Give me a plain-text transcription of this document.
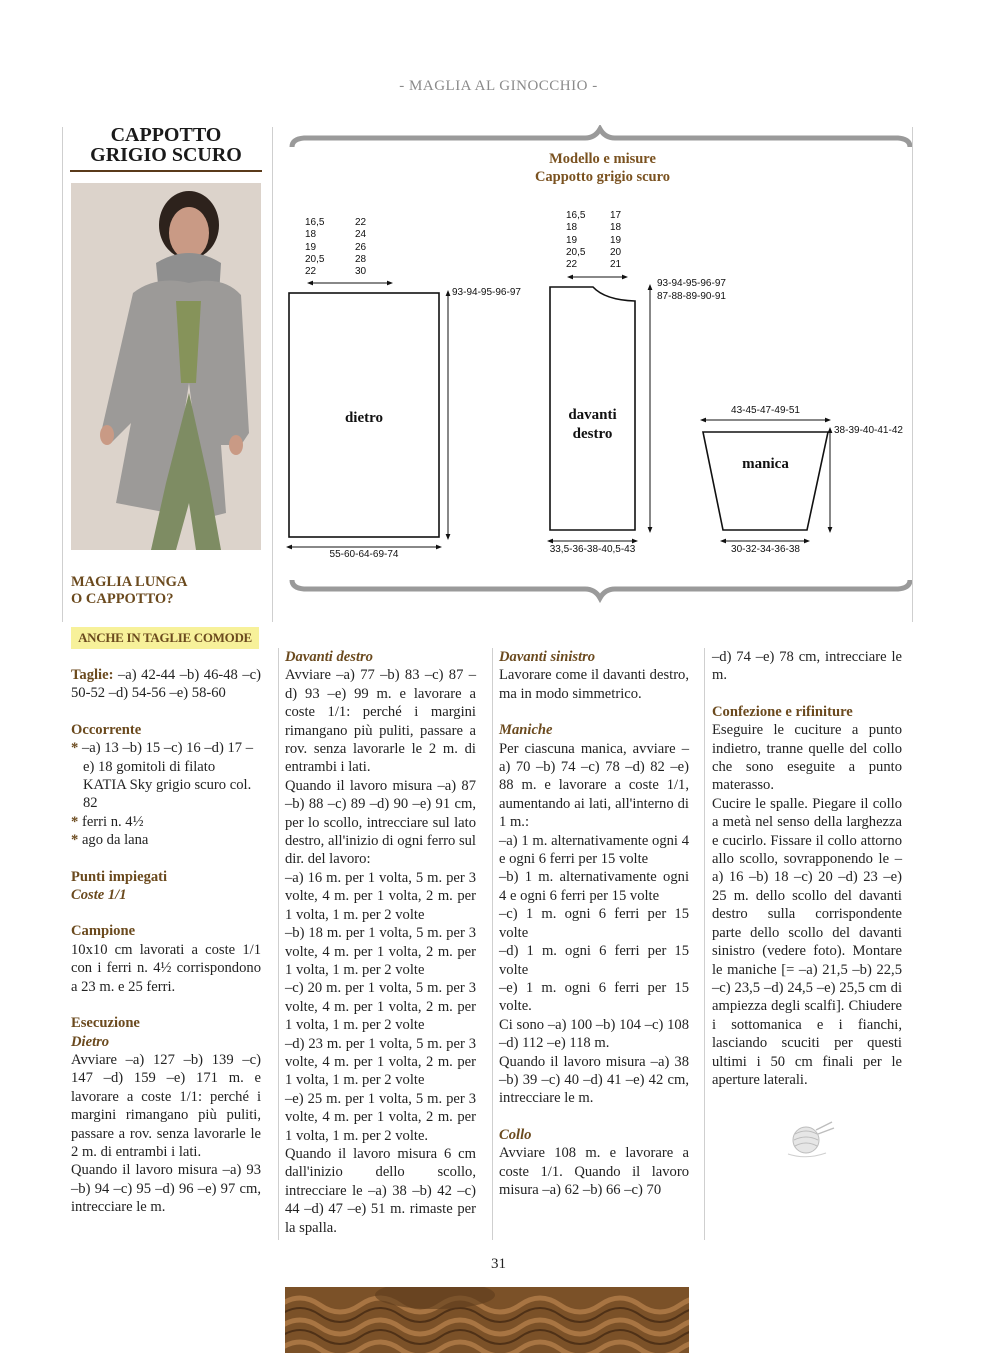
- MAGLIA AL GINOCCHIO -
CAPPOTTO
GRIGIO SCURO
MAGLIA LUNGA
O CAPPOTTO?
ANCHE IN TAGLIE COMODE
Modello e misure
Cappotto grigio scuro
16,5
18
19
20,5
22
22
24
26
28
30
93-94-95-96-97
dietro
55-60-64-69-74
16,5
18
19
20,5
22
17
18
19
20
21
93-94-95-96-97
87-88-89-90-91
davanti
destro
33,5-36-38-40,5-43
43-45-47-49-51
38-39-40-41-42
manica
30-32-34-36-38

Taglie: –a) 42-44 –b) 46-48 –c) 50-52 –d) 54-56 –e) 58-60

Occorrente

* –a) 13 –b) 15 –c) 16 –d) 17 –e) 18 gomitoli di filato KATIA Sky grigio scuro col. 82

* ferri n. 4½

* ago da lana

Punti impiegati

Coste 1/1

Campione

10x10 cm lavorati a coste 1/1 con i ferri n. 4½ corrispondono a 23 m. e 25 ferri.

Esecuzione

Dietro

Avviare –a) 127 –b) 139 –c) 147 –d) 159 –e) 171 m. e lavorare a coste 1/1: perché i margini rimangano più puliti, passare a rov. senza lavorarle le 2 m. di entrambi i lati.

Quando il lavoro misura –a) 93 –b) 94 –c) 95 –d) 96 –e) 97 cm, intrecciare le m.

Davanti destro

Avviare –a) 77 –b) 83 –c) 87 –d) 93 –e) 99 m. e lavorare a coste 1/1: perché i margini rimangano più puliti, passare a rov. senza lavorarle le 2 m. di entrambi i lati.

Quando il lavoro misura –a) 87 –b) 88 –c) 89 –d) 90 –e) 91 cm, per lo scollo, intrecciare sul lato destro, all'inizio di ogni ferro sul dir. del lavoro:

–a) 16 m. per 1 volta, 5 m. per 3 volte, 4 m. per 1 volta, 2 m. per 1 volta, 1 m. per 2 volte

–b) 18 m. per 1 volta, 5 m. per 3 volte, 4 m. per 1 volta, 2 m. per 1 volta, 1 m. per 2 volte

–c) 20 m. per 1 volta, 5 m. per 3 volte, 4 m. per 1 volta, 2 m. per 1 volta, 1 m. per 2 volte

–d) 23 m. per 1 volta, 5 m. per 3 volte, 4 m. per 1 volta, 2 m. per 1 volta, 1 m. per 2 volte

–e) 25 m. per 1 volta, 5 m. per 3 volte, 4 m. per 1 volta, 2 m. per 1 volta, 1 m. per 2 volte.

Quando il lavoro misura 6 cm dall'inizio dello scollo, intrecciare le –a) 38 –b) 42 –c) 44 –d) 47 –e) 51 m. rimaste per la spalla.

Davanti sinistro

Lavorare come il davanti destro, ma in modo simmetrico.

Maniche

Per ciascuna manica, avviare –a) 70 –b) 74 –c) 78 –d) 82 –e) 88 m. e lavorare a coste 1/1, aumentando ai lati, all'interno di 1 m.:

–a) 1 m. alternativamente ogni 4 e ogni 6 ferri per 15 volte

–b) 1 m. alternativamente ogni 4 e ogni 6 ferri per 15 volte

–c) 1 m. ogni 6 ferri per 15 volte

–d) 1 m. ogni 6 ferri per 15 volte

–e) 1 m. ogni 6 ferri per 15 volte.

Ci sono –a) 100 –b) 104 –c) 108 –d) 112 –e) 118 m.

Quando il lavoro misura –a) 38 –b) 39 –c) 40 –d) 41 –e) 42 cm, intrecciare le m.

Collo

Avviare 108 m. e lavorare a coste 1/1. Quando il lavoro misura –a) 62 –b) 66 –c) 70

–d) 74 –e) 78 cm, intrecciare le m.

Confezione e rifiniture

Eseguire le cuciture a punto indietro, tranne quelle del collo che sono eseguite a punto materasso.

Cucire le spalle. Piegare il collo a metà nel senso della larghezza e cucirlo. Fissare il collo attorno allo scollo, sovrapponendo le –a) 16 –b) 18 –c) 20 –d) 23 –e) 25 m. dello scollo del davanti destro sulla corrispondente parte dello scollo del davanti sinistro (vedere foto). Montare le maniche [= –a) 21,5 –b) 22,5 –c) 23,5 –d) 24,5 –e) 25,5 cm di ampiezza degli scalfi]. Chiudere i sottomanica e i fianchi, lasciando scuciti per questi ultimi i 50 cm finali per le aperture laterali.

31
